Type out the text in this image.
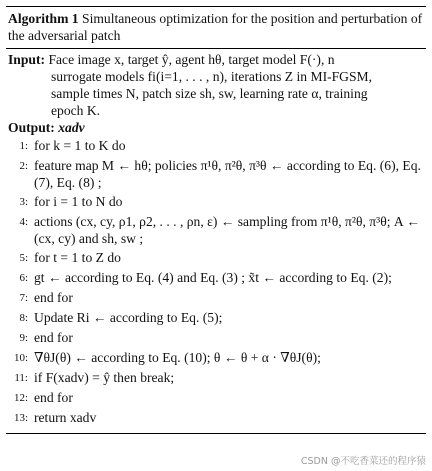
Algorithm 1 Simultaneous optimization for the position and perturbation of the adversarial patch
Input: Face image x, target ŷ, agent hθ, target model F(·), n
surrogate models fi(i=1, . . . , n), iterations Z in MI-FGSM,
sample times N, patch size sh, sw, learning rate α, training
epoch K.
Output: xadv
1: for k = 1 to K do
2: feature map M ← hθ; policies π¹θ, π²θ, π³θ ← according to Eq. (6), Eq. (7), Eq. (8) ;
3: for i = 1 to N do
4: actions (cx, cy, ρ1, ρ2, . . . , ρn, ε) ← sampling from π¹θ, π²θ, π³θ; A ← (cx, cy) and sh, sw ;
5: for t = 1 to Z do
6: gt ← according to Eq. (4) and Eq. (3) ; x̃t ← according to Eq. (2);
7: end for
8: Update Ri ← according to Eq. (5);
9: end for
10: ∇θJ(θ) ← according to Eq. (10); θ ← θ + α · ∇θJ(θ);
11: if F(xadv) = ŷ then break;
12: end for
13: return xadv
CSDN @不吃香菜还的程序猿
